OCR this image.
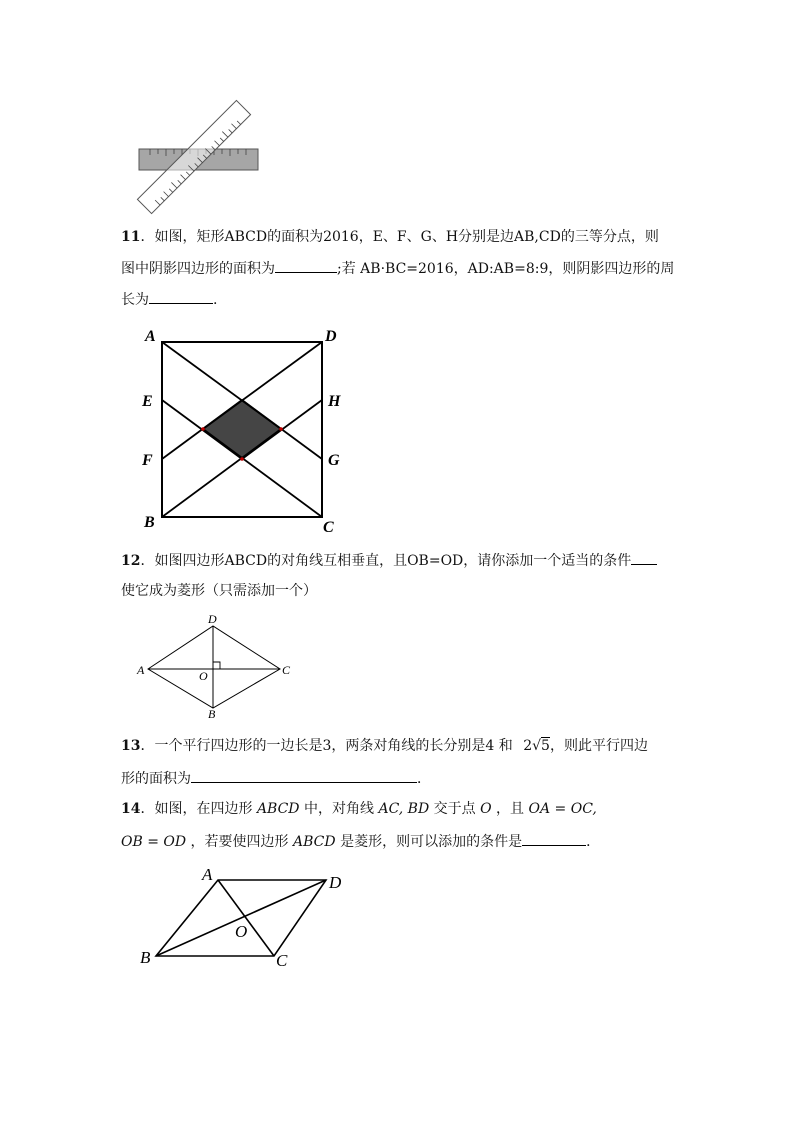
11．如图，矩形ABCD的面积为2016，E、F、G、H分别是边AB,CD的三等分点，则
图中阴影四边形的面积为	;若 AB·BC=2016，AD:AB=8:9，则阴影四边形的周
长为	.
A	D
E	H
F	G
B	C
12．如图四边形ABCD的对角线互相垂直，且OB=OD，请你添加一个适当的条件
使它成为菱形（只需添加一个）
D
A	C
O
B
13．一个平行四边形的一边长是3，两条对角线的长分别是4 和 2√5，则此平行四边
形的面积为	．
14．如图，在四边形 ABCD 中，对角线 AC, BD 交于点 O ，且 OA = OC,
OB = OD ，若要使四边形 ABCD 是菱形，则可以添加的条件是	．
A	D
O
B	C
